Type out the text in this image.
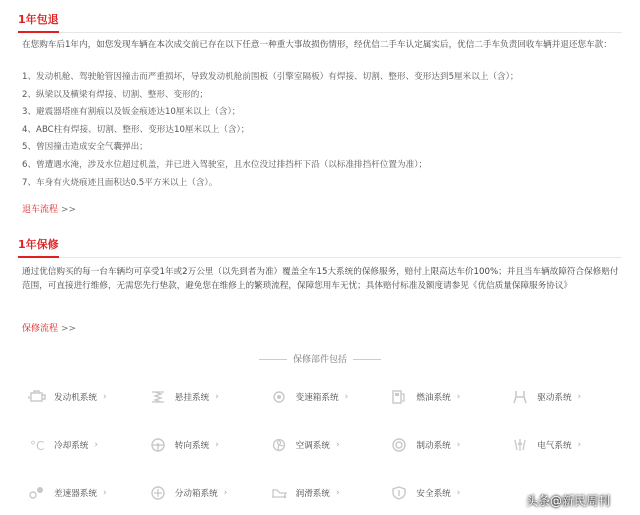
1年包退

在您购车后1年内，如您发现车辆在本次成交前已存在以下任意一种重大事故损伤情形，经优信二手车认定属实后，优信二手车负责回收车辆并退还您车款：

1、发动机舱、驾驶舱管因撞击而严重损坏，导致发动机舱前围板（引擎室隔板）有焊接、切割、整形、变形达到5厘米以上（含）；
2、纵梁以及横梁有焊接、切割、整形、变形的；
3、避震器塔座有割痕以及钣金痕迹达10厘米以上（含）；
4、ABC柱有焊接、切割、整形、变形达10厘米以上（含）；
5、曾因撞击造成安全气囊弹出；
6、曾遭遇水淹，涉及水位超过机盖，并已进入驾驶室，且水位没过排挡杆下沿（以标准排挡杆位置为准）；
7、车身有火烧痕迹且面积达0.5平方米以上（含）。
退车流程 >>
1年保修

通过优信购买的每一台车辆均可享受1年或2万公里（以先到者为准）覆盖全车15大系统的保修服务，赔付上限高达车价100%；并且当车辆故障符合保修赔付范围，可直接进行维修，无需您先行垫款，避免您在维修上的繁琐流程，保障您用车无忧；具体赔付标准及额度请参见《优信质量保障服务协议》

保修流程 >>
保修部件包括
发动机系统 ›	悬挂系统 ›	变速箱系统 ›	燃油系统 ›	驱动系统 ›
°C 冷却系统 ›	转向系统 ›	空调系统 ›	制动系统 ›	电气系统 ›
差速器系统 ›	分动箱系统 ›	润滑系统 ›	安全系统 ›
头条@新民周刊
